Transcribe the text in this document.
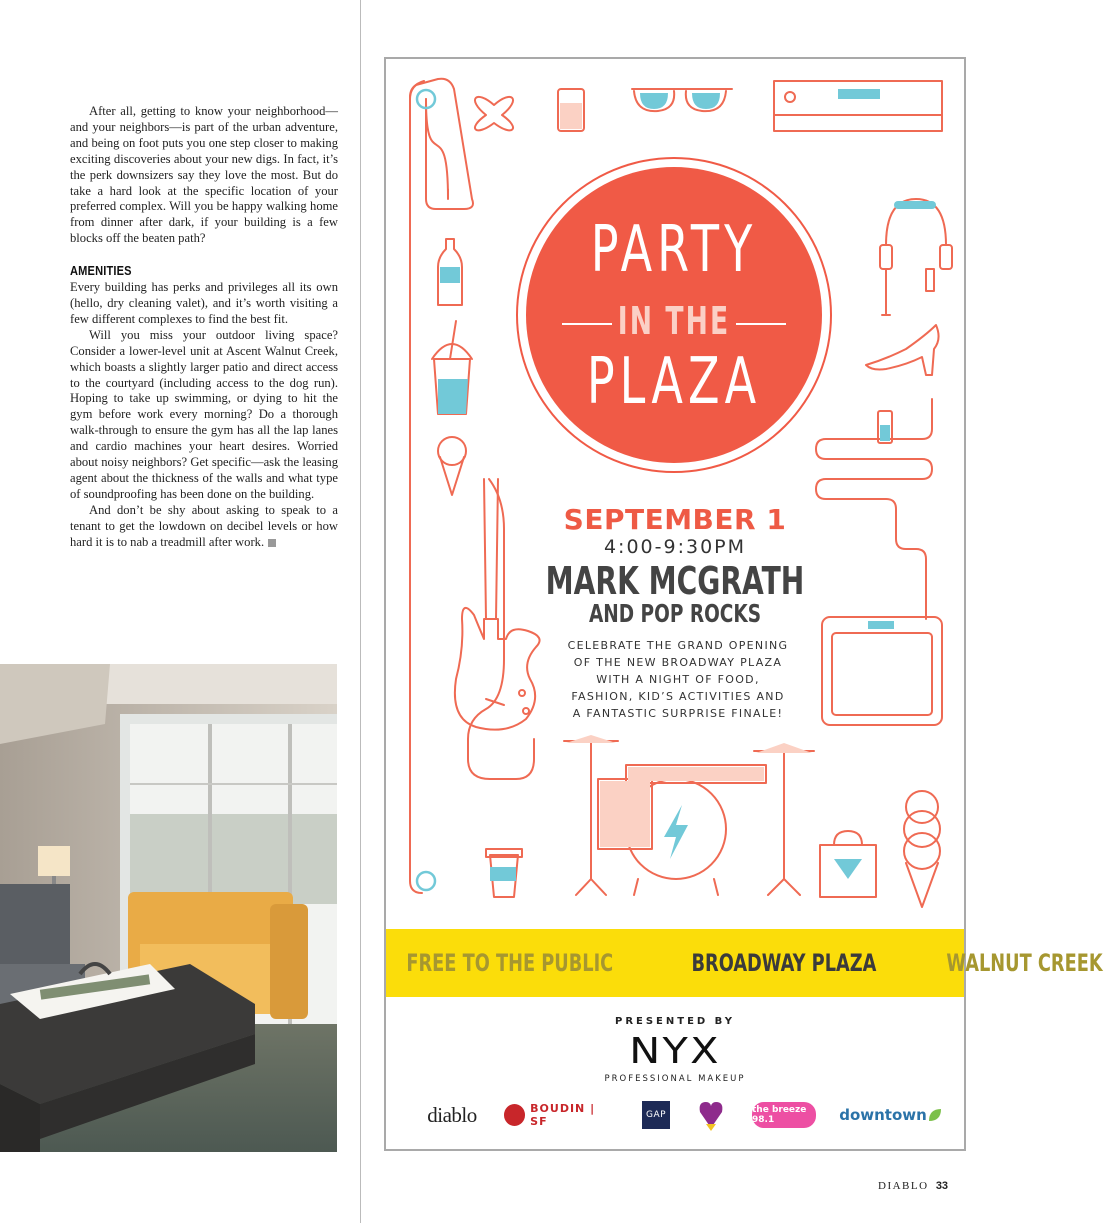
After all, getting to know your neighborhood—and your neighbors—is part of the urban adventure, and being on foot puts you one step closer to making exciting discoveries about your new digs. In fact, it’s the perk downsizers say they love the most. But do take a hard look at the specific location of your preferred complex. Will you be happy walking home from dinner after dark, if your building is a few blocks off the beaten path?

AMENITIES

Every building has perks and privileges all its own (hello, dry cleaning valet), and it’s worth visiting a few different complexes to find the best fit.

Will you miss your outdoor living space? Consider a lower-level unit at Ascent Walnut Creek, which boasts a slightly larger patio and direct access to the courtyard (including access to the dog run). Hoping to take up swimming, or dying to hit the gym before work every morning? Do a thorough walk-through to ensure the gym has all the lap lanes and cardio machines your heart desires. Worried about noisy neighbors? Get specific—ask the leasing agent about the thickness of the walls and what type of soundproofing has been done on the building.

And don’t be shy about asking to speak to a tenant to get the lowdown on decibel levels or how hard it is to nab a treadmill after work.

PARTY
IN THE
PLAZA
SEPTEMBER 1
4:00-9:30PM
MARK MCGRATH
AND POP ROCKS
CELEBRATE THE GRAND OPENING OF THE NEW BROADWAY PLAZA WITH A NIGHT OF FOOD, FASHION, KID’S ACTIVITIES AND A FANTASTIC SURPRISE FINALE!
FREE TO THE PUBLIC	BROADWAY PLAZA	WALNUT CREEK
PRESENTED BY
NYX
PROFESSIONAL MAKEUP
diablo	BOUDIN | SF	GAP	the breeze 98.1	downtown
DIABLO 33
